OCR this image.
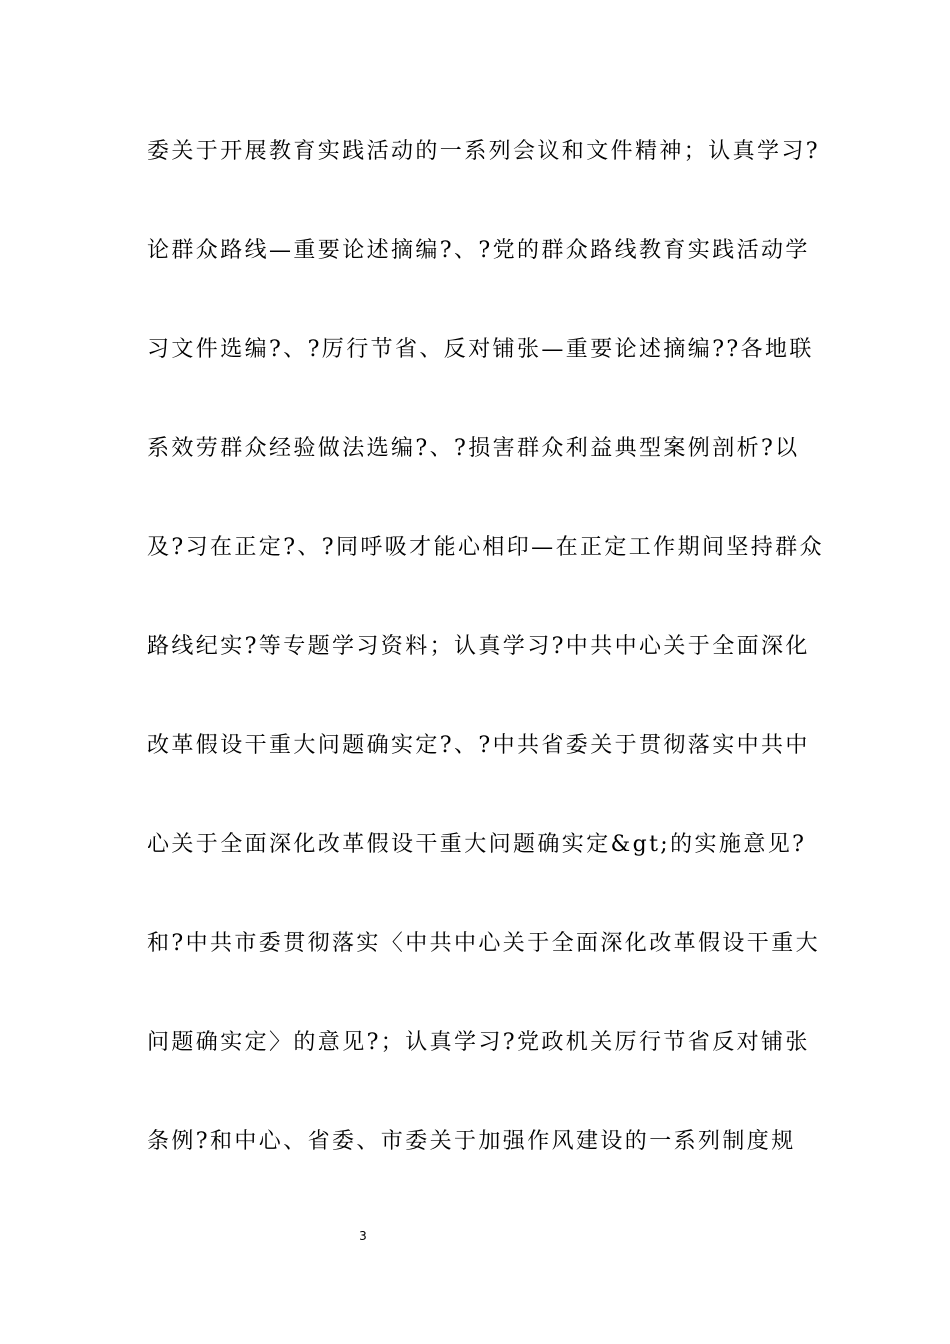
委关于开展教育实践活动的一系列会议和文件精神；认真学习?
论群众路线—重要论述摘编?、?党的群众路线教育实践活动学
习文件选编?、?厉行节省、反对铺张—重要论述摘编??各地联
系效劳群众经验做法选编?、?损害群众利益典型案例剖析?以
及?习在正定?、?同呼吸才能心相印—在正定工作期间坚持群众
路线纪实?等专题学习资料；认真学习?中共中心关于全面深化
改革假设干重大问题确实定?、?中共省委关于贯彻落实中共中
心关于全面深化改革假设干重大问题确实定&gt;的实施意见?
和?中共市委贯彻落实〈中共中心关于全面深化改革假设干重大
问题确实定〉的意见?；认真学习?党政机关厉行节省反对铺张
条例?和中心、省委、市委关于加强作风建设的一系列制度规
3
